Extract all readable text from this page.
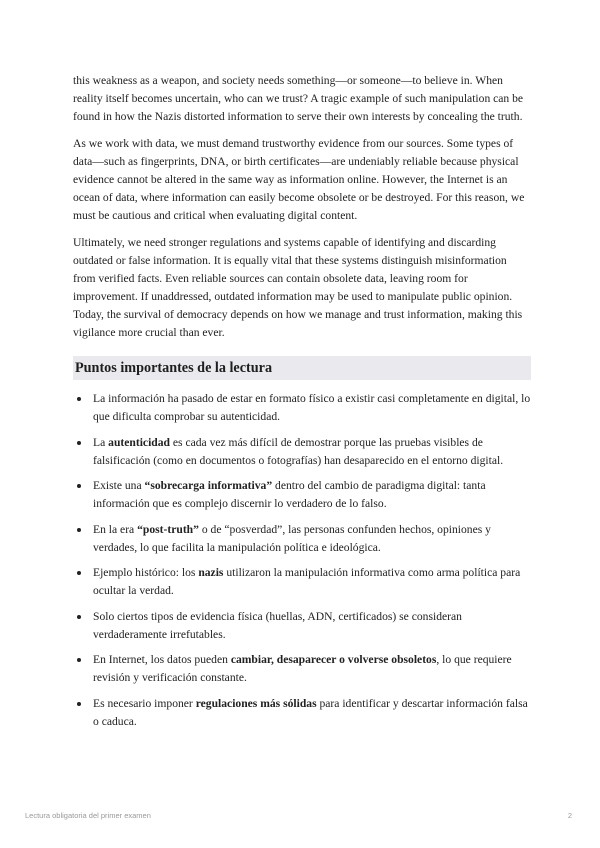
this weakness as a weapon, and society needs something—or someone—to believe in. When reality itself becomes uncertain, who can we trust? A tragic example of such manipulation can be found in how the Nazis distorted information to serve their own interests by concealing the truth.

As we work with data, we must demand trustworthy evidence from our sources. Some types of data—such as fingerprints, DNA, or birth certificates—are undeniably reliable because physical evidence cannot be altered in the same way as information online. However, the Internet is an ocean of data, where information can easily become obsolete or be destroyed. For this reason, we must be cautious and critical when evaluating digital content.

Ultimately, we need stronger regulations and systems capable of identifying and discarding outdated or false information. It is equally vital that these systems distinguish misinformation from verified facts. Even reliable sources can contain obsolete data, leaving room for improvement. If unaddressed, outdated information may be used to manipulate public opinion. Today, the survival of democracy depends on how we manage and trust information, making this vigilance more crucial than ever.

Puntos importantes de la lectura
La información ha pasado de estar en formato físico a existir casi completamente en digital, lo que dificulta comprobar su autenticidad.
La autenticidad es cada vez más difícil de demostrar porque las pruebas visibles de falsificación (como en documentos o fotografías) han desaparecido en el entorno digital.
Existe una “sobrecarga informativa” dentro del cambio de paradigma digital: tanta información que es complejo discernir lo verdadero de lo falso.
En la era “post-truth” o de “posverdad”, las personas confunden hechos, opiniones y verdades, lo que facilita la manipulación política e ideológica.
Ejemplo histórico: los nazis utilizaron la manipulación informativa como arma política para ocultar la verdad.
Solo ciertos tipos de evidencia física (huellas, ADN, certificados) se consideran verdaderamente irrefutables.
En Internet, los datos pueden cambiar, desaparecer o volverse obsoletos, lo que requiere revisión y verificación constante.
Es necesario imponer regulaciones más sólidas para identificar y descartar información falsa o caduca.
Lectura obligatoria del primer examen	2
